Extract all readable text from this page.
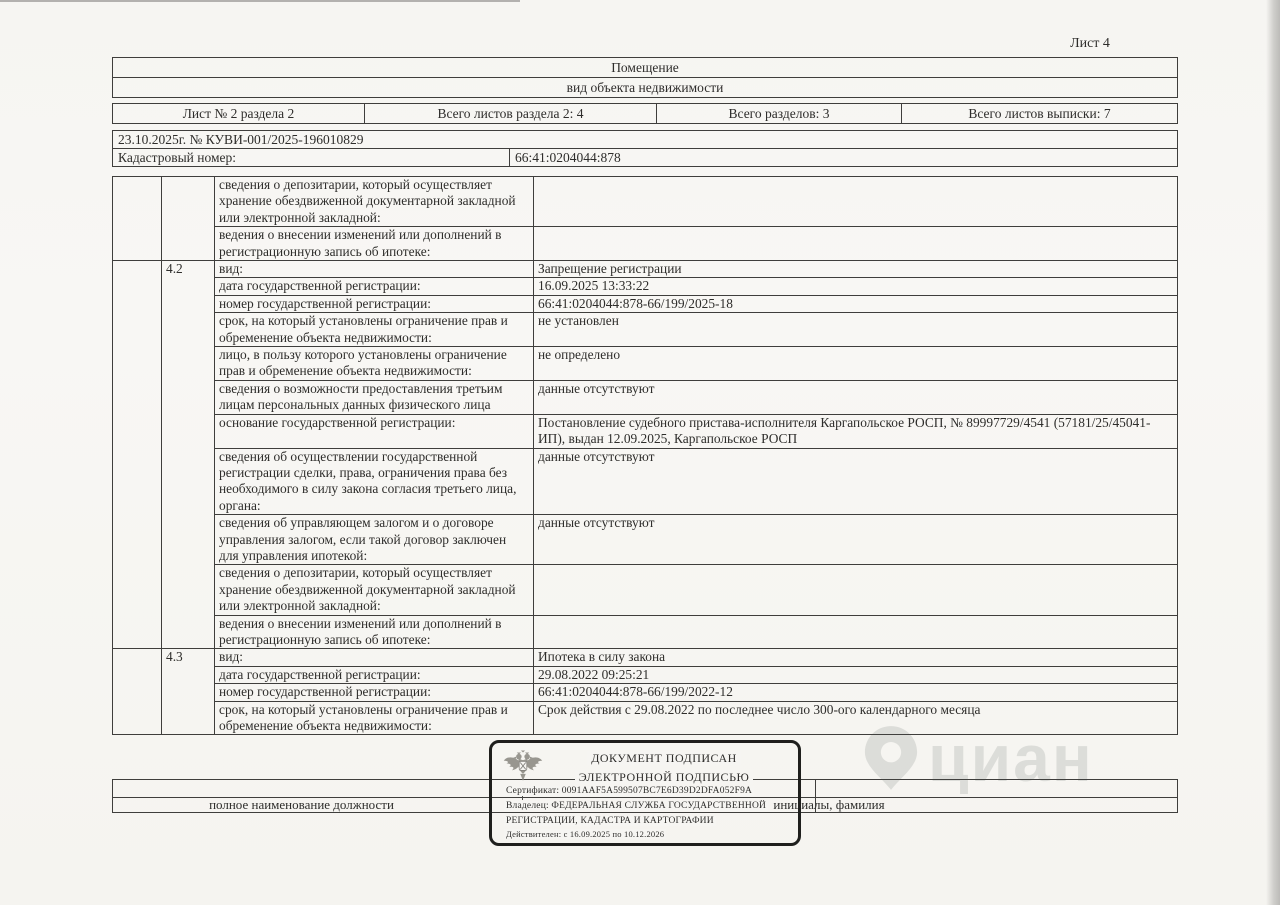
Лист 4
Помещение
вид объекта недвижимости
Лист № 2 раздела 2	Всего листов раздела 2: 4	Всего разделов: 3	Всего листов выписки: 7
23.10.2025г. № КУВИ-001/2025-196010829
Кадастровый номер:	66:41:0204044:878
		сведения о депозитарии, который осуществляет хранение обездвиженной документарной закладной или электронной закладной:	
		ведения о внесении изменений или дополнений в регистрационную запись об ипотеке:	
	4.2	вид:	Запрещение регистрации
		дата государственной регистрации:	16.09.2025 13:33:22
		номер государственной регистрации:	66:41:0204044:878-66/199/2025-18
		срок, на который установлены ограничение прав и обременение объекта недвижимости:	не установлен
		лицо, в пользу которого установлены ограничение прав и обременение объекта недвижимости:	не определено
		сведения о возможности предоставления третьим лицам персональных данных физического лица	данные отсутствуют
		основание государственной регистрации:	Постановление судебного пристава-исполнителя Каргапольское РОСП, № 89997729/4541 (57181/25/45041-ИП), выдан 12.09.2025, Каргапольское РОСП
		сведения об осуществлении государственной регистрации сделки, права, ограничения права без необходимого в силу закона согласия третьего лица, органа:	данные отсутствуют
		сведения об управляющем залогом и о договоре управления залогом, если такой договор заключен для управления ипотекой:	данные отсутствуют
		сведения о депозитарии, который осуществляет хранение обездвиженной документарной закладной или электронной закладной:	
		ведения о внесении изменений или дополнений в регистрационную запись об ипотеке:	
	4.3	вид:	Ипотека в силу закона
		дата государственной регистрации:	29.08.2022 09:25:21
		номер государственной регистрации:	66:41:0204044:878-66/199/2022-12
		срок, на который установлены ограничение прав и обременение объекта недвижимости:	Срок действия с 29.08.2022 по последнее число 300-ого календарного месяца
полное наименование должности	инициалы, фамилия
циан
ДОКУМЕНТ ПОДПИСАН
ЭЛЕКТРОННОЙ ПОДПИСЬЮ
Сертификат: 0091AAF5A599507BC7E6D39D2DFA052F9A
Владелец: ФЕДЕРАЛЬНАЯ СЛУЖБА ГОСУДАРСТВЕННОЙ
РЕГИСТРАЦИИ, КАДАСТРА И КАРТОГРАФИИ
Действителен: с 16.09.2025 по 10.12.2026
